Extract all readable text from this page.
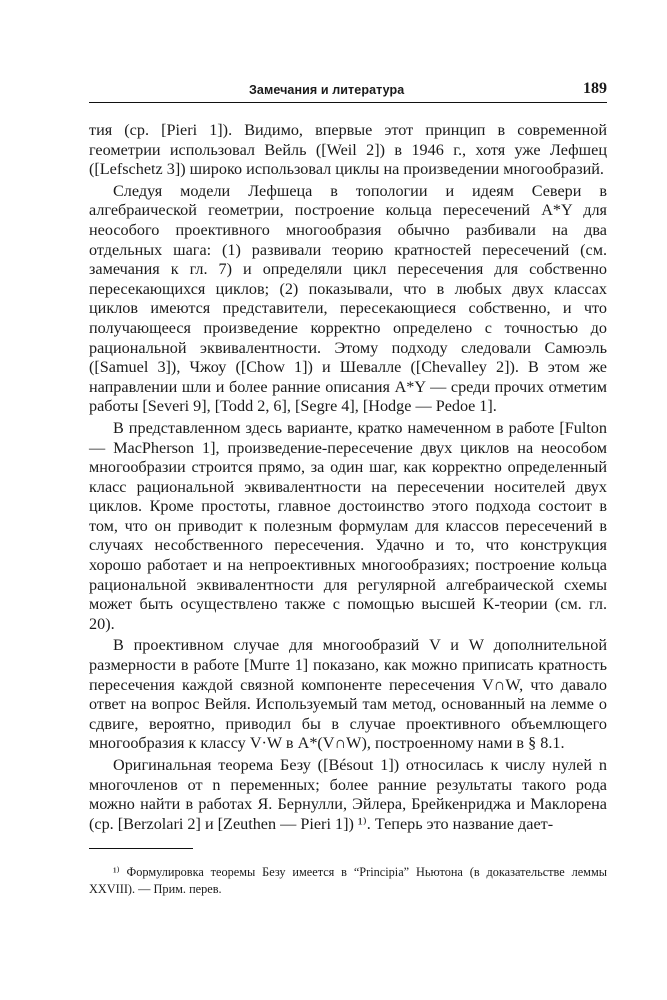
Замечания и литература	189

тия (ср. [Pieri 1]). Видимо, впервые этот принцип в современной геометрии использовал Вейль ([Weil 2]) в 1946 г., хотя уже Лефшец ([Lefschetz 3]) широко использовал циклы на произведении многообразий.

Следуя модели Лефшеца в топологии и идеям Севери в алгебраической геометрии, построение кольца пересечений A*Y для неособого проективного многообразия обычно разбивали на два отдельных шага: (1) развивали теорию кратностей пересечений (см. замечания к гл. 7) и определяли цикл пересечения для собственно пересекающихся циклов; (2) показывали, что в любых двух классах циклов имеются представители, пересекающиеся собственно, и что получающееся произведение корректно определено с точностью до рациональной эквивалентности. Этому подходу следовали Самюэль ([Samuel 3]), Чжоу ([Chow 1]) и Шевалле ([Chevalley 2]). В этом же направлении шли и более ранние описания A*Y — среди прочих отметим работы [Severi 9], [Todd 2, 6], [Segre 4], [Hodge — Pedoe 1].

В представленном здесь варианте, кратко намеченном в работе [Fulton — MacPherson 1], произведение-пересечение двух циклов на неособом многообразии строится прямо, за один шаг, как корректно определенный класс рациональной эквивалентности на пересечении носителей двух циклов. Кроме простоты, главное достоинство этого подхода состоит в том, что он приводит к полезным формулам для классов пересечений в случаях несобственного пересечения. Удачно и то, что конструкция хорошо работает и на непроективных многообразиях; построение кольца рациональной эквивалентности для регулярной алгебраической схемы может быть осуществлено также с помощью высшей K-теории (см. гл. 20).

В проективном случае для многообразий V и W дополнительной размерности в работе [Murre 1] показано, как можно приписать кратность пересечения каждой связной компоненте пересечения V∩W, что давало ответ на вопрос Вейля. Используемый там метод, основанный на лемме о сдвиге, вероятно, приводил бы в случае проективного объемлющего многообразия к классу V·W в A*(V∩W), построенному нами в § 8.1.

Оригинальная теорема Безу ([Bésout 1]) относилась к числу нулей n многочленов от n переменных; более ранние результаты такого рода можно найти в работах Я. Бернулли, Эйлера, Брейкенриджа и Маклорена (ср. [Berzolari 2] и [Zeuthen — Pieri 1]) ¹⁾. Теперь это название дает-

¹⁾ Формулировка теоремы Безу имеется в “Principia” Ньютона (в доказательстве леммы XXVIII). — Прим. перев.
